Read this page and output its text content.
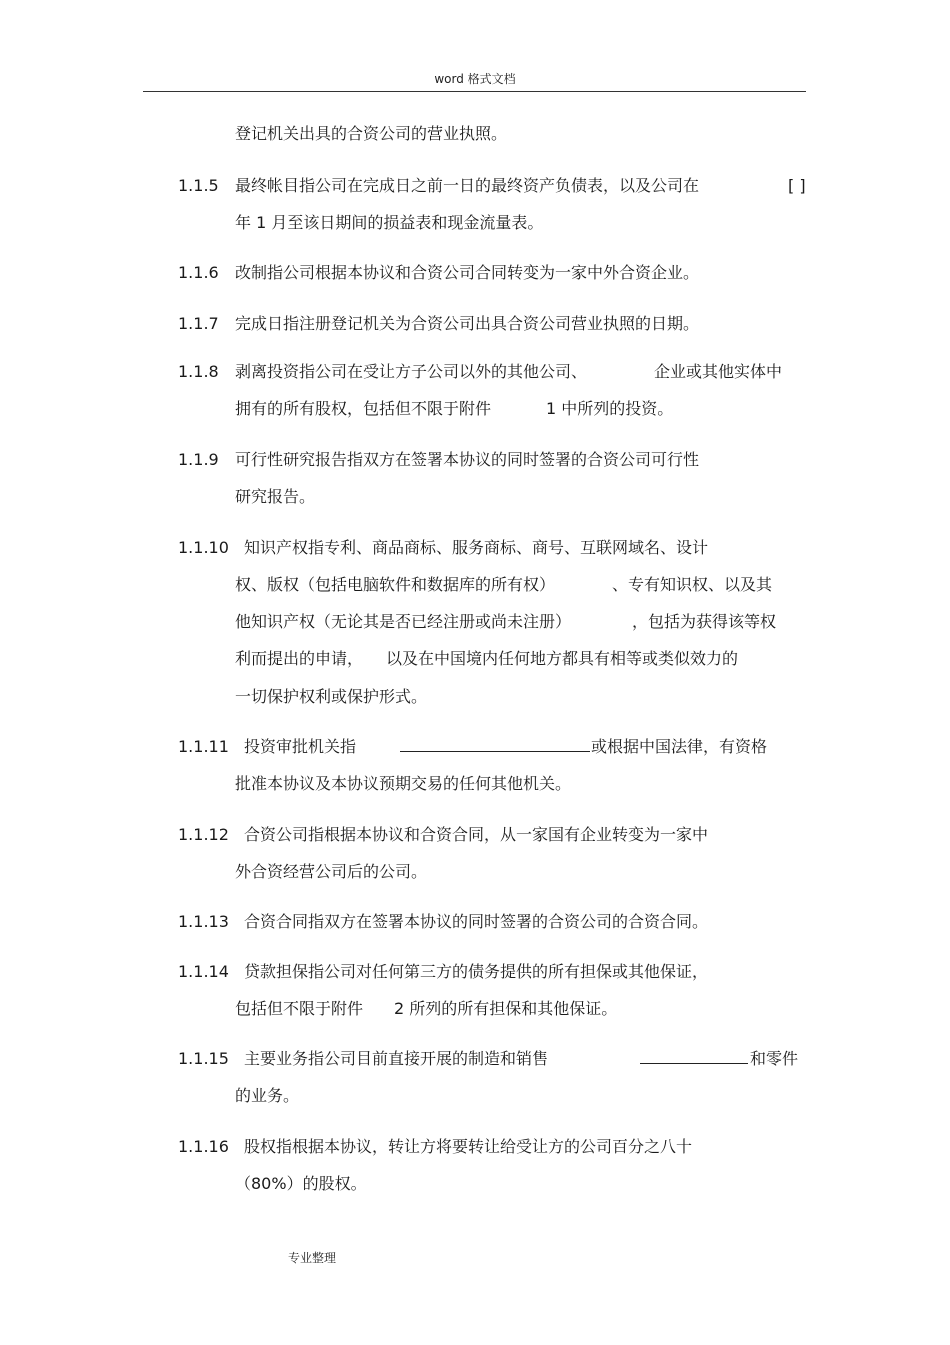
word 格式文档
登记机关出具的合资公司的营业执照。
1.1.5 最终帐目指公司在完成日之前一日的最终资产负债表，以及公司在	[ ]
年 1 月至该日期间的损益表和现金流量表。
1.1.6 改制指公司根据本协议和合资公司合同转变为一家中外合资企业。
1.1.7 完成日指注册登记机关为合资公司出具合资公司营业执照的日期。
1.1.8 剥离投资指公司在受让方子公司以外的其他公司、	企业或其他实体中
拥有的所有股权，包括但不限于附件	1 中所列的投资。
1.1.9 可行性研究报告指双方在签署本协议的同时签署的合资公司可行性
研究报告。
1.1.10 知识产权指专利、商品商标、服务商标、商号、互联网域名、设计
权、版权（包括电脑软件和数据库的所有权）	、专有知识权、以及其
他知识产权（无论其是否已经注册或尚未注册）	，包括为获得该等权
利而提出的申请， 以及在中国境内任何地方都具有相等或类似效力的
一切保护权利或保护形式。
1.1.11 投资审批机关指	或根据中国法律，有资格
批准本协议及本协议预期交易的任何其他机关。
1.1.12 合资公司指根据本协议和合资合同，从一家国有企业转变为一家中
外合资经营公司后的公司。
1.1.13 合资合同指双方在签署本协议的同时签署的合资公司的合资合同。
1.1.14 贷款担保指公司对任何第三方的债务提供的所有担保或其他保证，
包括但不限于附件 2 所列的所有担保和其他保证。
1.1.15 主要业务指公司目前直接开展的制造和销售	和零件
的业务。
1.1.16 股权指根据本协议，转让方将要转让给受让方的公司百分之八十
（80%）的股权。
专业整理
